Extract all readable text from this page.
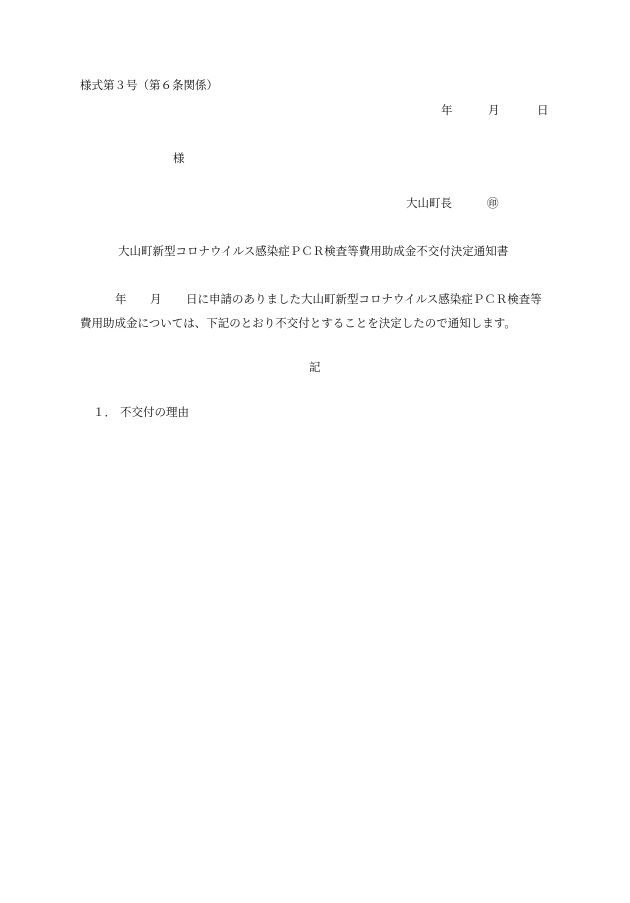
様式第３号（第６条関係）
年	月	日
様
大山町長	㊞
大山町新型コロナウイルス感染症ＰＣＲ検査等費用助成金不交付決定通知書
年 月 日に申請のありました大山町新型コロナウイルス感染症ＰＣＲ検査等
費用助成金については、下記のとおり不交付とすることを決定したので通知します。
記
１． 不交付の理由
